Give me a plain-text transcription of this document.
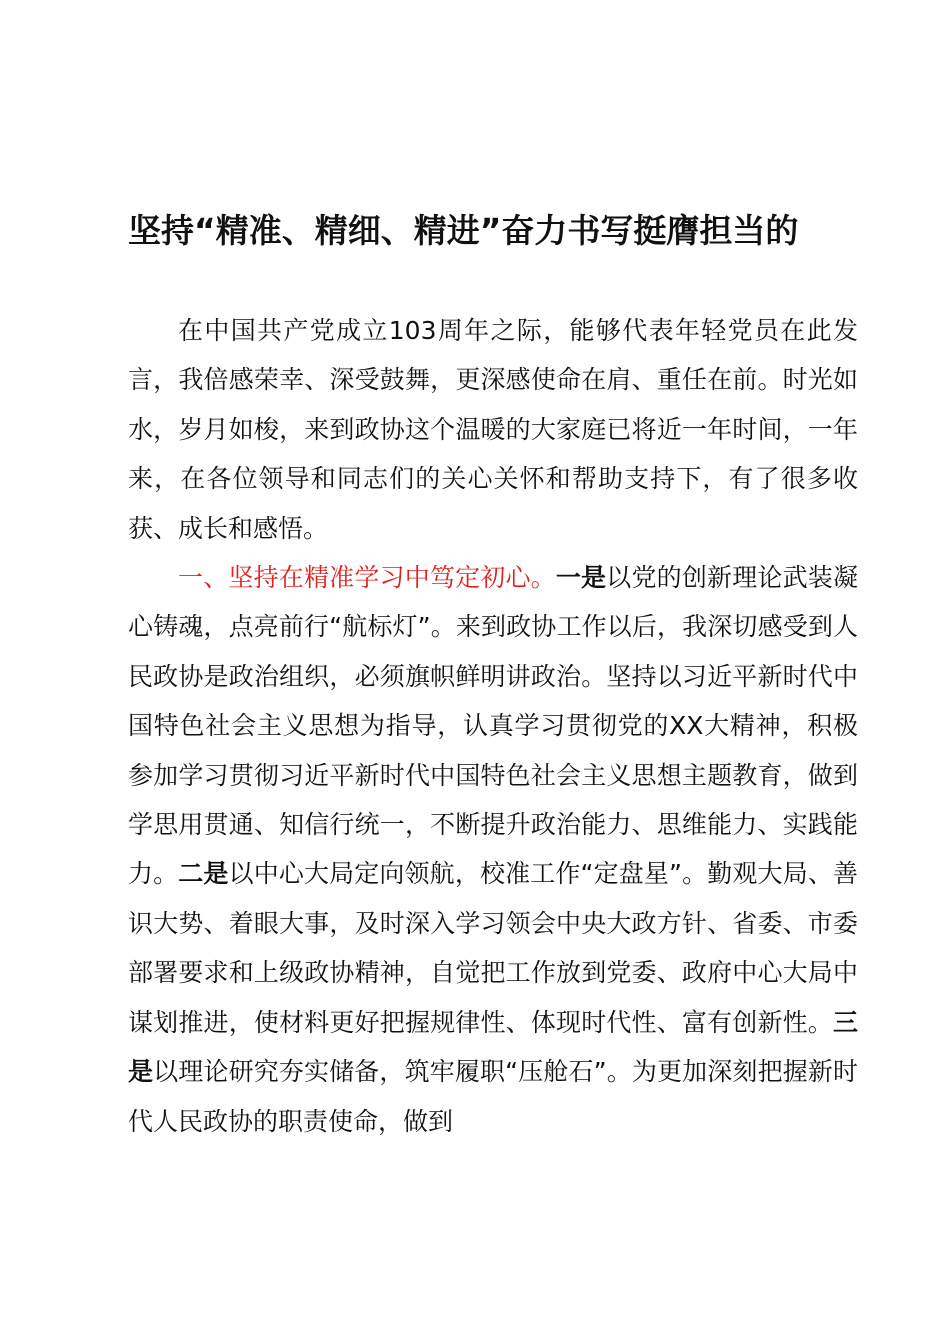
坚持“精准、精细、精进”奋力书写挺膺担当的

在中国共产党成立103周年之际，能够代表年轻党员在此发言，我倍感荣幸、深受鼓舞，更深感使命在肩、重任在前。时光如水，岁月如梭，来到政协这个温暖的大家庭已将近一年时间，一年来，在各位领导和同志们的关心关怀和帮助支持下，有了很多收获、成长和感悟。

一、坚持在精准学习中笃定初心。一是以党的创新理论武装凝心铸魂，点亮前行“航标灯”。来到政协工作以后，我深切感受到人民政协是政治组织，必须旗帜鲜明讲政治。坚持以习近平新时代中国特色社会主义思想为指导，认真学习贯彻党的XX大精神，积极参加学习贯彻习近平新时代中国特色社会主义思想主题教育，做到学思用贯通、知信行统一，不断提升政治能力、思维能力、实践能力。二是以中心大局定向领航，校准工作“定盘星”。勤观大局、善识大势、着眼大事，及时深入学习领会中央大政方针、省委、市委部署要求和上级政协精神，自觉把工作放到党委、政府中心大局中谋划推进，使材料更好把握规律性、体现时代性、富有创新性。三是以理论研究夯实储备，筑牢履职“压舱石”。为更加深刻把握新时代人民政协的职责使命，做到
